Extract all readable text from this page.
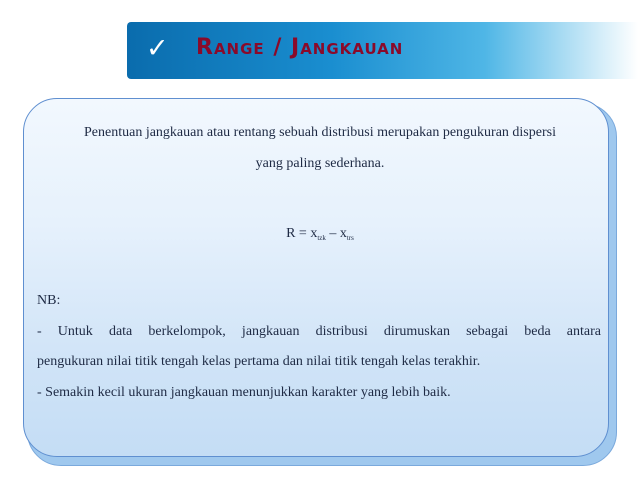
✓ Range / Jangkauan
Penentuan jangkauan atau rentang sebuah distribusi merupakan pengukuran dispersi
yang paling sederhana.
$R = x_{tzk} - x_{trs}$
NB:
- Untuk data berkelompok, jangkauan distribusi dirumuskan sebagai beda antara
pengukuran nilai titik tengah kelas pertama dan nilai titik tengah kelas terakhir.
- Semakin kecil ukuran jangkauan menunjukkan karakter yang lebih baik.
